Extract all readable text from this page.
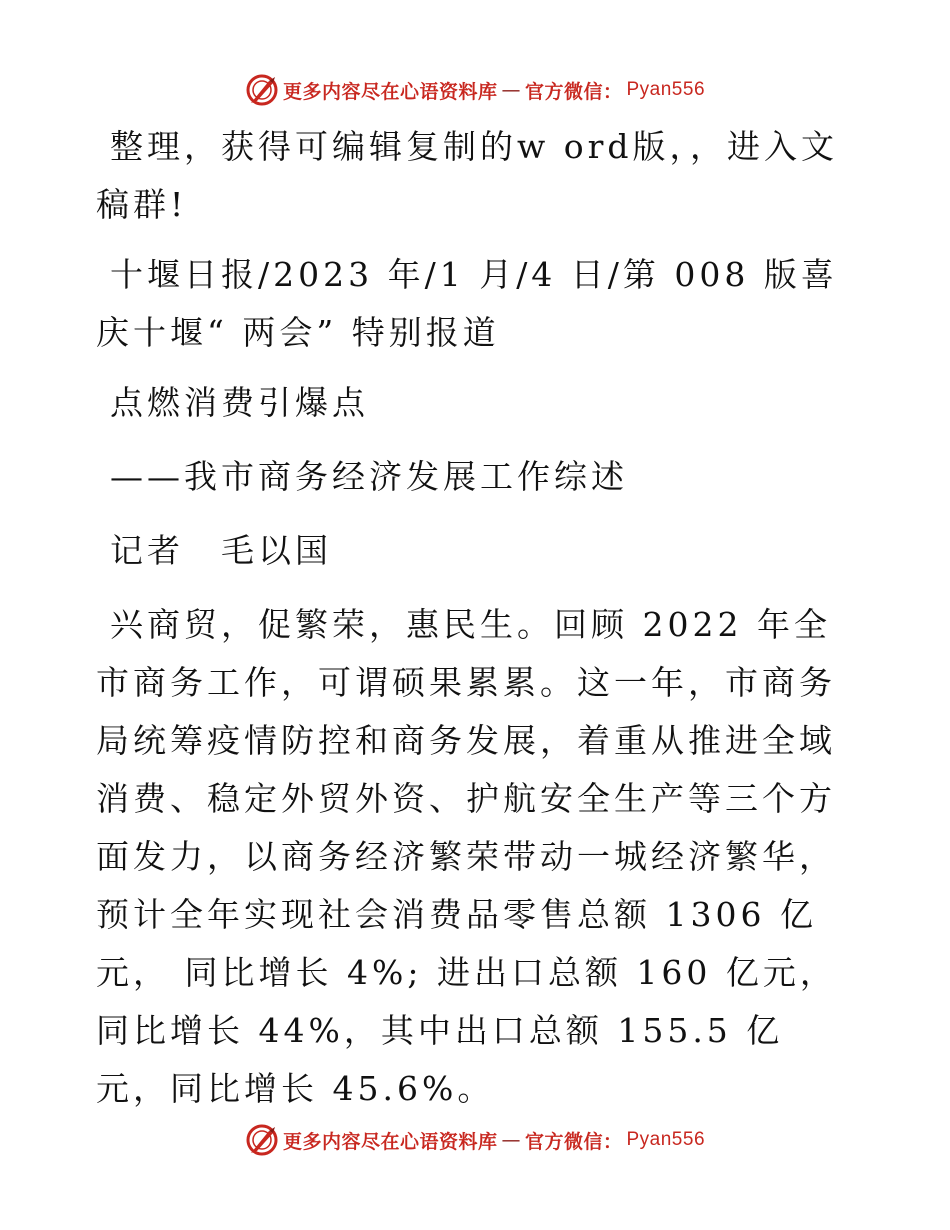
更多内容尽在心语资料库 — 官方微信： Pyan556

整理，获得可编辑复制的w ord版，，进入文稿群!

十堰日报/2023 年/1 月/4 日/第 008 版喜庆十堰“ 两会” 特别报道

点燃消费引爆点

——我市商务经济发展工作综述

记者　毛以国

兴商贸，促繁荣，惠民生。回顾 2022 年全市商务工作，可谓硕果累累。这一年，市商务局统筹疫情防控和商务发展，着重从推进全域消费、稳定外贸外资、护航安全生产等三个方面发力，以商务经济繁荣带动一城经济繁华， 预计全年实现社会消费品零售总额 1306 亿元， 同比增长 4%; 进出口总额 160 亿元，同比增长 44%，其中出口总额 155.5 亿元，同比增长 45.6%。

更多内容尽在心语资料库 — 官方微信： Pyan556
